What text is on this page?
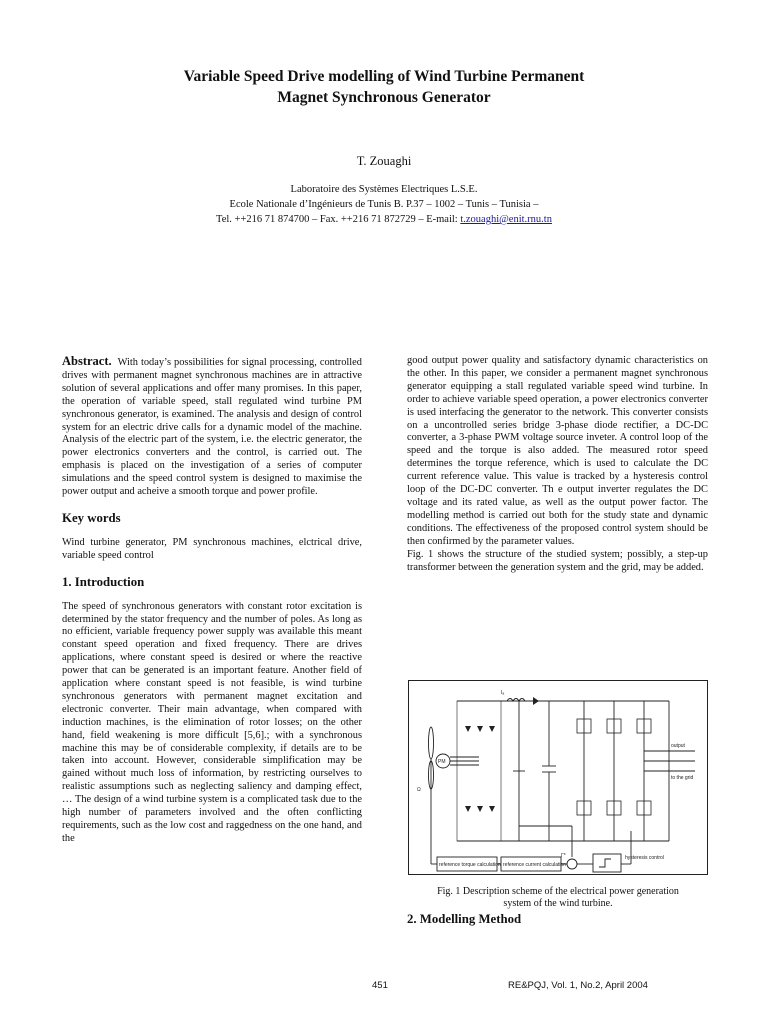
Variable Speed Drive modelling of Wind Turbine Permanent
Magnet Synchronous Generator
T. Zouaghi
Laboratoire des Systèmes Electriques L.S.E.
Ecole Nationale d’Ingénieurs de Tunis B. P.37 – 1002 – Tunis – Tunisia –
Tel. ++216 71 874700 – Fax. ++216 71 872729 – E-mail: t.zouaghi@enit.rnu.tn

Abstract. With today’s possibilities for signal processing, controlled drives with permanent magnet synchronous machines are in attractive solution of several applications and offer many promises. In this paper, the operation of variable speed, stall regulated wind turbine PM synchronous generator, is examined. The analysis and design of control system for an electric drive calls for a dynamic model of the machine. Analysis of the electric part of the system, i.e. the electric generator, the power electronics converters and the control, is carried out. The emphasis is placed on the investigation of a series of computer simulations and the speed control system is designed to maximise the power output and acheive a smooth torque and power profile.

Key words

Wind turbine generator, PM synchronous machines, elctrical drive, variable speed control

1. Introduction

The speed of synchronous generators with constant rotor excitation is determined by the stator frequency and the number of poles. As long as no efficient, variable frequency power supply was available this meant constant speed operation and fixed frequency. There are drives applications, where constant speed is desired or where the reactive power that can be generated is an important feature. Another field of application where constant speed is not feasible, is wind turbine synchronous generators with permanent magnet excitation and electronic converter. Their main advantage, when compared with induction machines, is the elimination of rotor losses; on the other hand, field weakening is more difficult [5,6].; with a synchronous machine this may be of considerable complexity, if details are to be taken into account. However, considerable simplification may be gained without much loss of information, by restricting ourselves to realistic assumptions such as neglecting saliency and damping effect, … The design of a wind turbine system is a complicated task due to the high number of parameters involved and the often conflicting requirements, such as the low cost and raggedness on the one hand, and the

good output power quality and satisfactory dynamic characteristics on the other. In this paper, we consider a permanent magnet synchronous generator equipping a stall regulated variable speed wind turbine. In order to achieve variable speed operation, a power electronics converter is used interfacing the generator to the network. This converter consists on a uncontrolled series bridge 3-phase diode rectifier, a DC-DC converter, a 3-phase PWM voltage source inveter. A control loop of the speed and the torque is also added. The measured rotor speed determines the torque reference, which is used to calculate the DC current reference value. This value is tracked by a hysteresis control loop of the DC-DC converter. Th e output inverter regulates the DC voltage and its rated value, as well as the output power factor. The modelling method is carried out both for the study state and dynamic conditions. The effectiveness of the proposed control system should be then confirmed by the parameter values.

Fig. 1 shows the structure of the studied system; possibly, a step-up transformer between the generation system and the grid, may be added.

Iₐ
Ω
PM
output
to the grid
reference torque calculation reference current calculation
Γ*	hysteresis control
Fig. 1 Description scheme of the electrical power generation
system of the wind turbine.
2. Modelling Method
451	RE&PQJ, Vol. 1, No.2, April 2004
